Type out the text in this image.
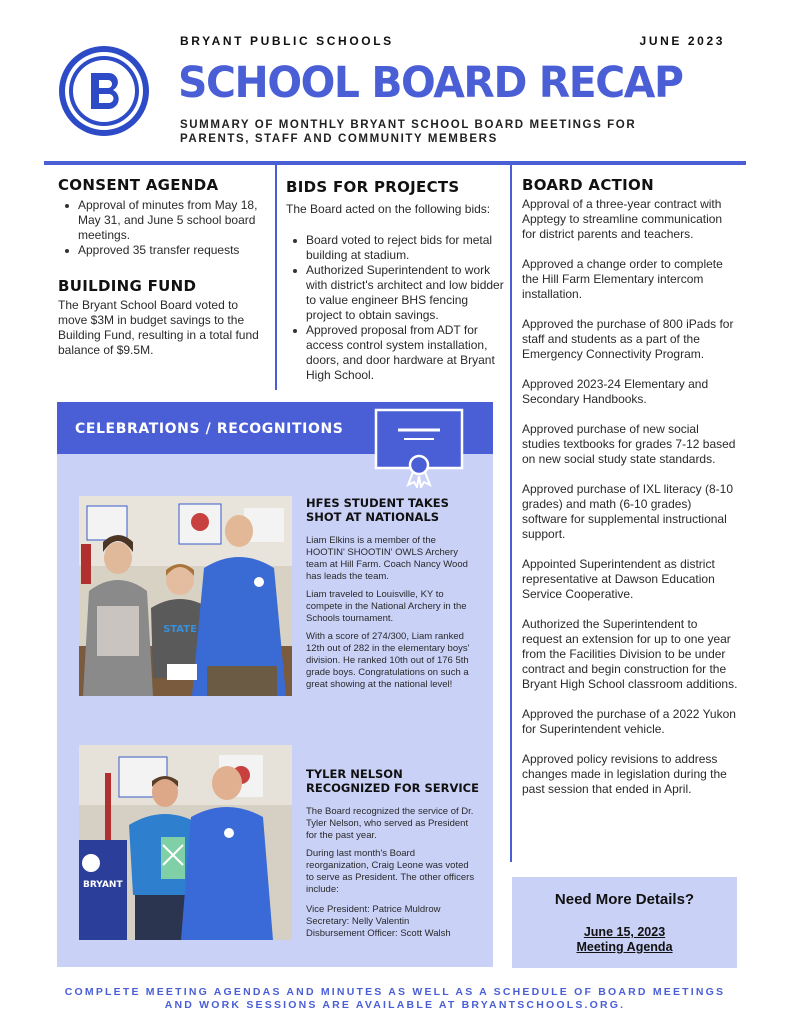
BRYANT PUBLIC SCHOOLS	JUNE 2023
SCHOOL BOARD RECAP
SUMMARY OF MONTHLY BRYANT SCHOOL BOARD MEETINGS FOR PARENTS, STAFF AND COMMUNITY MEMBERS
CONSENT AGENDA
Approval of minutes from May 18, May 31, and June 5 school board meetings.
Approved 35 transfer requests
BUILDING FUND
The Bryant School Board voted to move $3M in budget savings to the Building Fund, resulting in a total fund balance of $9.5M.
BIDS FOR PROJECTS
The Board acted on the following bids:
Board voted to reject bids for metal building at stadium.
Authorized Superintendent to work with district's architect and low bidder to value engineer BHS fencing project to obtain savings.
Approved proposal from ADT for access control system installation, doors, and door hardware at Bryant High School.
BOARD ACTION

Approval of a three-year contract with Apptegy to streamline communication for district parents and teachers.

Approved a change order to complete the Hill Farm Elementary intercom installation.

Approved the purchase of 800 iPads for staff and students as a part of the Emergency Connectivity Program.

Approved 2023-24 Elementary and Secondary Handbooks.

Approved purchase of new social studies textbooks for grades 7-12 based on new social study state standards.

Approved purchase of IXL literacy (8-10 grades) and math (6-10 grades) software for supplemental instructional support.

Appointed Superintendent as district representative at Dawson Education Service Cooperative.

Authorized the Superintendent to request an extension for up to one year from the Facilities Division to be under contract and begin construction for the Bryant High School classroom additions.

Approved the purchase of a 2022 Yukon for Superintendent vehicle.

Approved policy revisions to address changes made in legislation during the past session that ended in April.

CELEBRATIONS / RECOGNITIONS
STATE
HFES STUDENT TAKES SHOT AT NATIONALS
Liam Elkins is a member of the HOOTIN' SHOOTIN' OWLS Archery team at Hill Farm. Coach Nancy Wood has leads the team.
Liam traveled to Louisville, KY to compete in the National Archery in the Schools tournament.
With a score of 274/300, Liam ranked 12th out of 282 in the elementary boys' division. He ranked 10th out of 176 5th grade boys. Congratulations on such a great showing at the national level!
BRYANT
TYLER NELSON RECOGNIZED FOR SERVICE
The Board recognized the service of Dr. Tyler Nelson, who served as President for the past year.
During last month's Board reorganization, Craig Leone was voted to serve as President. The other officers include:
Vice President: Patrice Muldrow
Secretary: Nelly Valentin
Disbursement Officer: Scott Walsh
Need More Details?
June 15, 2023
Meeting Agenda
COMPLETE MEETING AGENDAS AND MINUTES AS WELL AS A SCHEDULE OF BOARD MEETINGS AND WORK SESSIONS ARE AVAILABLE AT BRYANTSCHOOLS.ORG.
